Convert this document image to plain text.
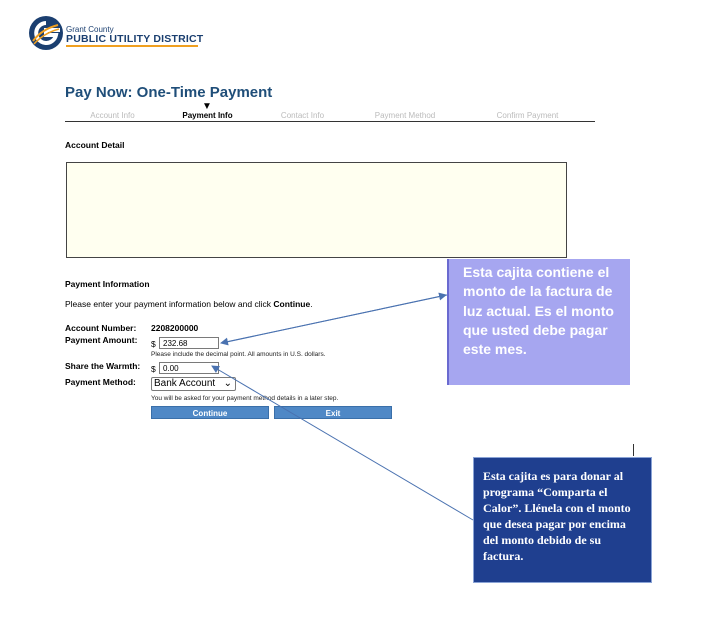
Grant County
PUBLIC UTILITY DISTRICT
Pay Now: One-Time Payment
▼
Account Info	Payment Info	Contact Info	Payment Method	Confirm Payment
Account Detail
Payment Information
Please enter your payment information below and click Continue.
Account Number: 2208200000
Payment Amount: $ 232.68
Please include the decimal point. All amounts in U.S. dollars.
Share the Warmth: $ 0.00
Payment Method:	Bank Account ⌄
You will be asked for your payment method details in a later step.
Continue	Exit
Esta cajita contiene el monto de la factura de luz actual. Es el monto que usted debe pagar este mes.
Esta cajita es para donar al programa “Comparta el Calor”. Llénela con el monto que desea pagar por encima del monto debido de su factura.
